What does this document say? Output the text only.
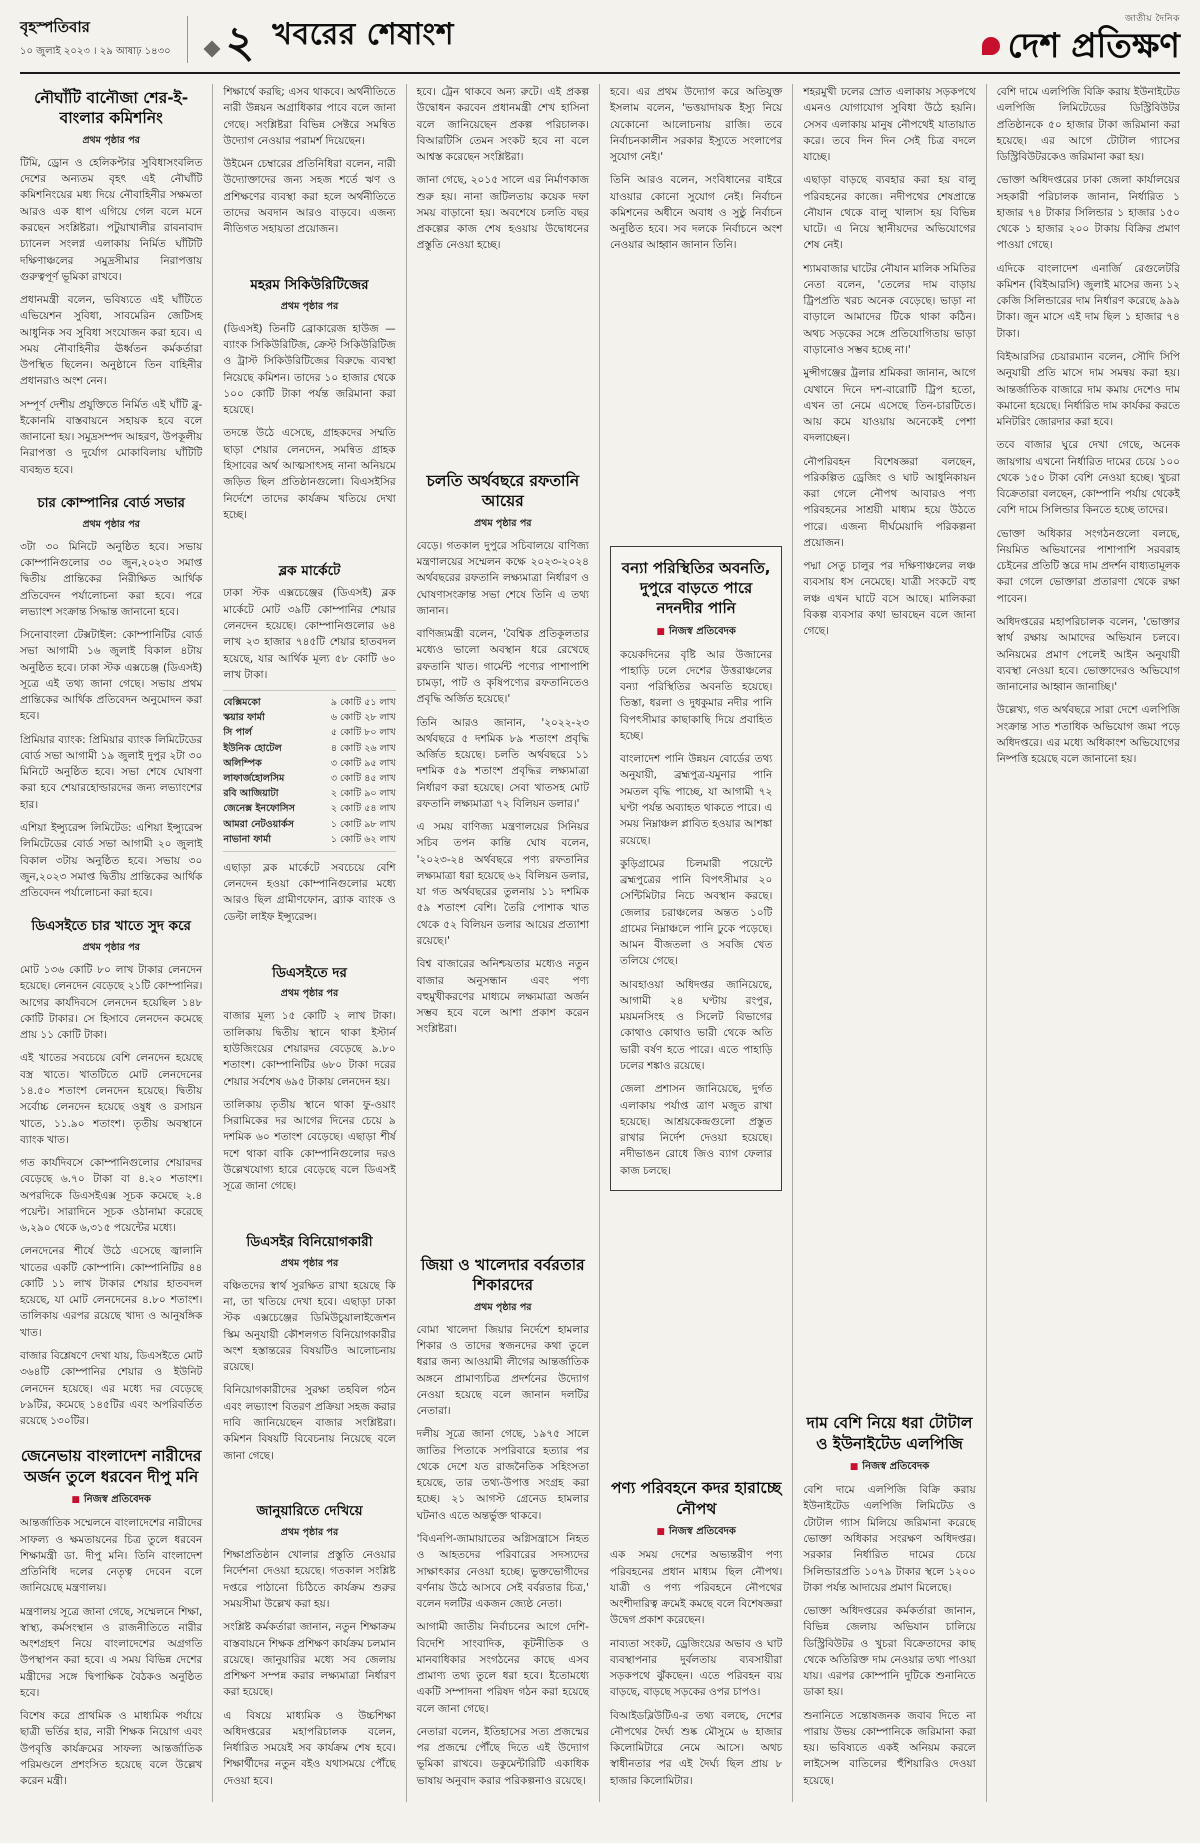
বৃহস্পতিবার
১০ জুলাই ২০২৩ । ২৯ আষাঢ় ১৪৩০ ২ খবরের শেষাংশ	জাতীয় দৈনিক
দেশ প্রতিক্ষণ
নৌঘাঁটি বানৌজা শের-ই-বাংলার কমিশনিং
প্রথম পৃষ্ঠার পর

টিমি, ড্রোন ও হেলিকপ্টার সুবিধাসংবলিত দেশের অন্যতম বৃহৎ এই নৌঘাঁটি কমিশনিংয়ের মধ্য দিয়ে নৌবাহিনীর সক্ষমতা আরও এক ধাপ এগিয়ে গেল বলে মনে করছেন সংশ্লিষ্টরা। পটুয়াখালীর রাবনাবাদ চ্যানেল সংলগ্ন এলাকায় নির্মিত ঘাঁটিটি দক্ষিণাঞ্চলের সমুদ্রসীমার নিরাপত্তায় গুরুত্বপূর্ণ ভূমিকা রাখবে।

প্রধানমন্ত্রী বলেন, ভবিষ্যতে এই ঘাঁটিতে এভিয়েশন সুবিধা, সাবমেরিন জেটিসহ আধুনিক সব সুবিধা সংযোজন করা হবে। এ সময় নৌবাহিনীর ঊর্ধ্বতন কর্মকর্তারা উপস্থিত ছিলেন। অনুষ্ঠানে তিন বাহিনীর প্রধানরাও অংশ নেন।

সম্পূর্ণ দেশীয় প্রযুক্তিতে নির্মিত এই ঘাঁটি ব্লু-ইকোনমি বাস্তবায়নে সহায়ক হবে বলে জানানো হয়। সমুদ্রসম্পদ আহরণ, উপকূলীয় নিরাপত্তা ও দুর্যোগ মোকাবিলায় ঘাঁটিটি ব্যবহৃত হবে।

চার কোম্পানির বোর্ড সভার
প্রথম পৃষ্ঠার পর

৩টা ৩০ মিনিটে অনুষ্ঠিত হবে। সভায় কোম্পানিগুলোর ৩০ জুন,২০২৩ সমাপ্ত দ্বিতীয় প্রান্তিকের নিরীক্ষিত আর্থিক প্রতিবেদন পর্যালোচনা করা হবে। পরে লভ্যাংশ সংক্রান্ত সিদ্ধান্ত জানানো হবে।

সিনোবাংলা টেক্সটাইল: কোম্পানিটির বোর্ড সভা আগামী ১৬ জুলাই বিকাল ৪টায় অনুষ্ঠিত হবে। ঢাকা স্টক এক্সচেঞ্জ (ডিএসই) সূত্রে এই তথ্য জানা গেছে। সভায় প্রথম প্রান্তিকের আর্থিক প্রতিবেদন অনুমোদন করা হবে।

প্রিমিয়ার ব্যাংক: প্রিমিয়ার ব্যাংক লিমিটেডের বোর্ড সভা আগামী ১৯ জুলাই দুপুর ২টা ৩০ মিনিটে অনুষ্ঠিত হবে। সভা শেষে ঘোষণা করা হবে শেয়ারহোল্ডারদের জন্য লভ্যাংশের হার।

এশিয়া ইন্স্যুরেন্স লিমিটেড: এশিয়া ইন্স্যুরেন্স লিমিটেডের বোর্ড সভা আগামী ২০ জুলাই বিকাল ৩টায় অনুষ্ঠিত হবে। সভায় ৩০ জুন,২০২৩ সমাপ্ত দ্বিতীয় প্রান্তিকের আর্থিক প্রতিবেদন পর্যালোচনা করা হবে।

ডিএসইতে চার খাতে সুদ করে
প্রথম পৃষ্ঠার পর

মোট ১৩৬ কোটি ৮০ লাখ টাকার লেনদেন হয়েছে। লেনদেন বেড়েছে ২১টি কোম্পানির। আগের কার্যদিবসে লেনদেন হয়েছিল ১৪৮ কোটি টাকার। সে হিসাবে লেনদেন কমেছে প্রায় ১১ কোটি টাকা।

এই খাতের সবচেয়ে বেশি লেনদেন হয়েছে বস্ত্র খাতে। খাতটিতে মোট লেনদেনের ১৪.৫০ শতাংশ লেনদেন হয়েছে। দ্বিতীয় সর্বোচ্চ লেনদেন হয়েছে ওষুধ ও রসায়ন খাতে, ১১.৯০ শতাংশ। তৃতীয় অবস্থানে ব্যাংক খাত।

গত কার্যদিবসে কোম্পানিগুলোর শেয়ারদর বেড়েছে ৬.৭০ টাকা বা ৪.২০ শতাংশ। অপরদিকে ডিএসইএক্স সূচক কমেছে ২.৪ পয়েন্ট। সারাদিনে সূচক ওঠানামা করেছে ৬,২৯০ থেকে ৬,৩১৫ পয়েন্টের মধ্যে।

লেনদেনের শীর্ষে উঠে এসেছে জ্বালানি খাতের একটি কোম্পানি। কোম্পানিটির ৪৪ কোটি ১১ লাখ টাকার শেয়ার হাতবদল হয়েছে, যা মোট লেনদেনের ৪.৮০ শতাংশ। তালিকায় এরপর রয়েছে খাদ্য ও আনুষঙ্গিক খাত।

বাজার বিশ্লেষণে দেখা যায়, ডিএসইতে মোট ৩৬৪টি কোম্পানির শেয়ার ও ইউনিট লেনদেন হয়েছে। এর মধ্যে দর বেড়েছে ৮৯টির, কমেছে ১৪৫টির এবং অপরিবর্তিত রয়েছে ১৩০টির।

জেনেভায় বাংলাদেশ নারীদের অর্জন তুলে ধরবেন দীপু মনি
■ নিজস্ব প্রতিবেদক

আন্তর্জাতিক সম্মেলনে বাংলাদেশের নারীদের সাফল্য ও ক্ষমতায়নের চিত্র তুলে ধরবেন শিক্ষামন্ত্রী ডা. দীপু মনি। তিনি বাংলাদেশ প্রতিনিধি দলের নেতৃত্ব দেবেন বলে জানিয়েছে মন্ত্রণালয়।

মন্ত্রণালয় সূত্রে জানা গেছে, সম্মেলনে শিক্ষা, স্বাস্থ্য, কর্মসংস্থান ও রাজনীতিতে নারীর অংশগ্রহণ নিয়ে বাংলাদেশের অগ্রগতি উপস্থাপন করা হবে। এ সময় বিভিন্ন দেশের মন্ত্রীদের সঙ্গে দ্বিপাক্ষিক বৈঠকও অনুষ্ঠিত হবে।

বিশেষ করে প্রাথমিক ও মাধ্যমিক পর্যায়ে ছাত্রী ভর্তির হার, নারী শিক্ষক নিয়োগ এবং উপবৃত্তি কার্যক্রমের সাফল্য আন্তর্জাতিক পরিমণ্ডলে প্রশংসিত হয়েছে বলে উল্লেখ করেন মন্ত্রী।

শিক্ষার্থে করছি; এসব থাকবে। অর্থনীতিতে নারী উন্নয়ন অগ্রাধিকার পাবে বলে জানা গেছে। সংশ্লিষ্টরা বিভিন্ন সেক্টরে সমন্বিত উদ্যোগ নেওয়ার পরামর্শ দিয়েছেন।

উইমেন চেম্বারের প্রতিনিধিরা বলেন, নারী উদ্যোক্তাদের জন্য সহজ শর্তে ঋণ ও প্রশিক্ষণের ব্যবস্থা করা হলে অর্থনীতিতে তাদের অবদান আরও বাড়বে। এজন্য নীতিগত সহায়তা প্রয়োজন।

মহরম সিকিউরিটিজের
প্রথম পৃষ্ঠার পর

(ডিএসই) তিনটি ব্রোকারেজ হাউজ — ব্যাংক সিকিউরিটিজ, ক্রেস্ট সিকিউরিটিজ ও ট্রাস্ট সিকিউরিটিজের বিরুদ্ধে ব্যবস্থা নিয়েছে কমিশন। তাদের ১০ হাজার থেকে ১০০ কোটি টাকা পর্যন্ত জরিমানা করা হয়েছে।

তদন্তে উঠে এসেছে, গ্রাহকদের সম্মতি ছাড়া শেয়ার লেনদেন, সমন্বিত গ্রাহক হিসাবের অর্থ আত্মসাৎসহ নানা অনিয়মে জড়িত ছিল প্রতিষ্ঠানগুলো। বিএসইসির নির্দেশে তাদের কার্যক্রম খতিয়ে দেখা হচ্ছে।

ব্লক মার্কেটে

ঢাকা স্টক এক্সচেঞ্জের (ডিএসই) ব্লক মার্কেটে মোট ৩৯টি কোম্পানির শেয়ার লেনদেন হয়েছে। কোম্পানিগুলোর ৬৪ লাখ ২৩ হাজার ৭৪৫টি শেয়ার হাতবদল হয়েছে, যার আর্থিক মূল্য ৫৮ কোটি ৬০ লাখ টাকা।

বেক্সিমকো	৯ কোটি ৫১ লাখ
স্কয়ার ফার্মা	৬ কোটি ২৮ লাখ
সি পার্ল	৫ কোটি ৮০ লাখ
ইউনিক হোটেল	৪ কোটি ২৬ লাখ
অলিম্পিক	৩ কোটি ৯৫ লাখ
লাফার্জহোলসিম	৩ কোটি ৪৫ লাখ
রবি আজিয়াটা	২ কোটি ৯০ লাখ
জেনেক্স ইনফোসিস	২ কোটি ৫৪ লাখ
আমরা নেটওয়ার্কস	১ কোটি ৯৮ লাখ
নাভানা ফার্মা	১ কোটি ৬২ লাখ

এছাড়া ব্লক মার্কেটে সবচেয়ে বেশি লেনদেন হওয়া কোম্পানিগুলোর মধ্যে আরও ছিল গ্রামীণফোন, ব্র্যাক ব্যাংক ও ডেল্টা লাইফ ইন্স্যুরেন্স।

ডিএসইতে দর
প্রথম পৃষ্ঠার পর

বাজার মূল্য ১৫ কোটি ২ লাখ টাকা। তালিকায় দ্বিতীয় স্থানে থাকা ইস্টার্ন হাউজিংয়ের শেয়ারদর বেড়েছে ৯.৮০ শতাংশ। কোম্পানিটির ৬৮০ টাকা দরের শেয়ার সর্বশেষ ৬৯৫ টাকায় লেনদেন হয়।

তালিকায় তৃতীয় স্থানে থাকা ফু-ওয়াং সিরামিকের দর আগের দিনের চেয়ে ৯ দশমিক ৬০ শতাংশ বেড়েছে। এছাড়া শীর্ষ দশে থাকা বাকি কোম্পানিগুলোর দরও উল্লেখযোগ্য হারে বেড়েছে বলে ডিএসই সূত্রে জানা গেছে।

ডিএসইর বিনিয়োগকারী
প্রথম পৃষ্ঠার পর

বঞ্চিতদের স্বার্থ সুরক্ষিত রাখা হয়েছে কি না, তা খতিয়ে দেখা হবে। এছাড়া ঢাকা স্টক এক্সচেঞ্জের ডিমিউচুয়ালাইজেশন স্কিম অনুযায়ী কৌশলগত বিনিয়োগকারীর অংশ হস্তান্তরের বিষয়টিও আলোচনায় রয়েছে।

বিনিয়োগকারীদের সুরক্ষা তহবিল গঠন এবং লভ্যাংশ বিতরণ প্রক্রিয়া সহজ করার দাবি জানিয়েছেন বাজার সংশ্লিষ্টরা। কমিশন বিষয়টি বিবেচনায় নিয়েছে বলে জানা গেছে।

জানুয়ারিতে দেখিয়ে
প্রথম পৃষ্ঠার পর

শিক্ষাপ্রতিষ্ঠান খোলার প্রস্তুতি নেওয়ার নির্দেশনা দেওয়া হয়েছে। গতকাল সংশ্লিষ্ট দপ্তরে পাঠানো চিঠিতে কার্যক্রম শুরুর সময়সীমা উল্লেখ করা হয়।

সংশ্লিষ্ট কর্মকর্তারা জানান, নতুন শিক্ষাক্রম বাস্তবায়নে শিক্ষক প্রশিক্ষণ কার্যক্রম চলমান রয়েছে। জানুয়ারির মধ্যে সব জেলায় প্রশিক্ষণ সম্পন্ন করার লক্ষ্যমাত্রা নির্ধারণ করা হয়েছে।

এ বিষয়ে মাধ্যমিক ও উচ্চশিক্ষা অধিদপ্তরের মহাপরিচালক বলেন, নির্ধারিত সময়েই সব কার্যক্রম শেষ হবে। শিক্ষার্থীদের নতুন বইও যথাসময়ে পৌঁছে দেওয়া হবে।

হবে। ট্রেন থাকবে অন্য রুটে। এই প্রকল্প উদ্বোধন করবেন প্রধানমন্ত্রী শেখ হাসিনা বলে জানিয়েছেন প্রকল্প পরিচালক। বিআরটিসি তেমন সংকট হবে না বলে আশ্বস্ত করেছেন সংশ্লিষ্টরা।

জানা গেছে, ২০১৫ সালে এর নির্মাণকাজ শুরু হয়। নানা জটিলতায় কয়েক দফা সময় বাড়ানো হয়। অবশেষে চলতি বছর প্রকল্পের কাজ শেষ হওয়ায় উদ্বোধনের প্রস্তুতি নেওয়া হচ্ছে।

চলতি অর্থবছরে রফতানি আয়ের
প্রথম পৃষ্ঠার পর

বেড়ে। গতকাল দুপুরে সচিবালয়ে বাণিজ্য মন্ত্রণালয়ের সম্মেলন কক্ষে ২০২৩-২০২৪ অর্থবছরের রফতানি লক্ষ্যমাত্রা নির্ধারণ ও ঘোষণাসংক্রান্ত সভা শেষে তিনি এ তথ্য জানান।

বাণিজ্যমন্ত্রী বলেন, 'বৈশ্বিক প্রতিকূলতার মধ্যেও ভালো অবস্থান ধরে রেখেছে রফতানি খাত। গার্মেন্ট পণ্যের পাশাপাশি চামড়া, পাট ও কৃষিপণ্যের রফতানিতেও প্রবৃদ্ধি অর্জিত হয়েছে।'

তিনি আরও জানান, '২০২২-২৩ অর্থবছরে ৫ দশমিক ৮৯ শতাংশ প্রবৃদ্ধি অর্জিত হয়েছে। চলতি অর্থবছরে ১১ দশমিক ৫৯ শতাংশ প্রবৃদ্ধির লক্ষ্যমাত্রা নির্ধারণ করা হয়েছে। সেবা খাতসহ মোট রফতানি লক্ষ্যমাত্রা ৭২ বিলিয়ন ডলার।'

এ সময় বাণিজ্য মন্ত্রণালয়ের সিনিয়র সচিব তপন কান্তি ঘোষ বলেন, '২০২৩-২৪ অর্থবছরে পণ্য রফতানির লক্ষ্যমাত্রা ধরা হয়েছে ৬২ বিলিয়ন ডলার, যা গত অর্থবছরের তুলনায় ১১ দশমিক ৫৯ শতাংশ বেশি। তৈরি পোশাক খাত থেকে ৫২ বিলিয়ন ডলার আয়ের প্রত্যাশা রয়েছে।'

বিশ্ব বাজারের অনিশ্চয়তার মধ্যেও নতুন বাজার অনুসন্ধান এবং পণ্য বহুমুখীকরণের মাধ্যমে লক্ষ্যমাত্রা অর্জন সম্ভব হবে বলে আশা প্রকাশ করেন সংশ্লিষ্টরা।

জিয়া ও খালেদার বর্বরতার শিকারদের
প্রথম পৃষ্ঠার পর

বোমা খালেদা জিয়ার নির্দেশে হামলার শিকার ও তাদের স্বজনদের কথা তুলে ধরার জন্য আওয়ামী লীগের আন্তর্জাতিক অঙ্গনে প্রামাণ্যচিত্র প্রদর্শনের উদ্যোগ নেওয়া হয়েছে বলে জানান দলটির নেতারা।

দলীয় সূত্রে জানা গেছে, ১৯৭৫ সালে জাতির পিতাকে সপরিবারে হত্যার পর থেকে দেশে যত রাজনৈতিক সহিংসতা হয়েছে, তার তথ্য-উপাত্ত সংগ্রহ করা হচ্ছে। ২১ আগস্ট গ্রেনেড হামলার ঘটনাও এতে অন্তর্ভুক্ত থাকবে।

'বিএনপি-জামায়াতের অগ্নিসন্ত্রাসে নিহত ও আহতদের পরিবারের সদস্যদের সাক্ষাৎকার নেওয়া হচ্ছে। ভুক্তভোগীদের বর্ণনায় উঠে আসবে সেই বর্বরতার চিত্র,' বলেন দলটির একজন জ্যেষ্ঠ নেতা।

আগামী জাতীয় নির্বাচনের আগে দেশি-বিদেশি সাংবাদিক, কূটনীতিক ও মানবাধিকার সংগঠনের কাছে এসব প্রামাণ্য তথ্য তুলে ধরা হবে। ইতোমধ্যে একটি সম্পাদনা পরিষদ গঠন করা হয়েছে বলে জানা গেছে।

নেতারা বলেন, ইতিহাসের সত্য প্রজন্মের পর প্রজন্মে পৌঁছে দিতে এই উদ্যোগ ভূমিকা রাখবে। ডকুমেন্টারিটি একাধিক ভাষায় অনুবাদ করার পরিকল্পনাও রয়েছে।

হবে। এর প্রথম উদ্যোগ করে অতিযুক্ত ইসলাম বলেন, 'ভত্তয়াদায়ক ইস্যু নিয়ে যেকোনো আলোচনায় রাজি। তবে নির্বাচনকালীন সরকার ইস্যুতে সংলাপের সুযোগ নেই।'

তিনি আরও বলেন, সংবিধানের বাইরে যাওয়ার কোনো সুযোগ নেই। নির্বাচন কমিশনের অধীনে অবাধ ও সুষ্ঠু নির্বাচন অনুষ্ঠিত হবে। সব দলকে নির্বাচনে অংশ নেওয়ার আহ্বান জানান তিনি।

বন্যা পরিস্থিতির অবনতি, দুপুরে বাড়তে পারে নদনদীর পানি
■ নিজস্ব প্রতিবেদক

কয়েকদিনের বৃষ্টি আর উজানের পাহাড়ি ঢলে দেশের উত্তরাঞ্চলের বন্যা পরিস্থিতির অবনতি হয়েছে। তিস্তা, ধরলা ও দুধকুমার নদীর পানি বিপৎসীমার কাছাকাছি দিয়ে প্রবাহিত হচ্ছে।

বাংলাদেশ পানি উন্নয়ন বোর্ডের তথ্য অনুযায়ী, ব্রহ্মপুত্র-যমুনার পানি সমতল বৃদ্ধি পাচ্ছে, যা আগামী ৭২ ঘণ্টা পর্যন্ত অব্যাহত থাকতে পারে। এ সময় নিম্নাঞ্চল প্লাবিত হওয়ার আশঙ্কা রয়েছে।

কুড়িগ্রামের চিলমারী পয়েন্টে ব্রহ্মপুত্রের পানি বিপৎসীমার ২০ সেন্টিমিটার নিচে অবস্থান করছে। জেলার চরাঞ্চলের অন্তত ১০টি গ্রামের নিম্নাঞ্চলে পানি ঢুকে পড়েছে। আমন বীজতলা ও সবজি খেত তলিয়ে গেছে।

আবহাওয়া অধিদপ্তর জানিয়েছে, আগামী ২৪ ঘণ্টায় রংপুর, ময়মনসিংহ ও সিলেট বিভাগের কোথাও কোথাও ভারী থেকে অতি ভারী বর্ষণ হতে পারে। এতে পাহাড়ি ঢলের শঙ্কাও রয়েছে।

জেলা প্রশাসন জানিয়েছে, দুর্গত এলাকায় পর্যাপ্ত ত্রাণ মজুত রাখা হয়েছে। আশ্রয়কেন্দ্রগুলো প্রস্তুত রাখার নির্দেশ দেওয়া হয়েছে। নদীভাঙন রোধে জিও ব্যাগ ফেলার কাজ চলছে।

পণ্য পরিবহনে কদর হারাচ্ছে নৌপথ
■ নিজস্ব প্রতিবেদক

এক সময় দেশের অভ্যন্তরীণ পণ্য পরিবহনের প্রধান মাধ্যম ছিল নৌপথ। যাত্রী ও পণ্য পরিবহনে নৌপথের অংশীদারিত্ব ক্রমেই কমছে বলে বিশেষজ্ঞরা উদ্বেগ প্রকাশ করেছেন।

নাব্যতা সংকট, ড্রেজিংয়ের অভাব ও ঘাট ব্যবস্থাপনার দুর্বলতায় ব্যবসায়ীরা সড়কপথে ঝুঁকছেন। এতে পরিবহন ব্যয় বাড়ছে, বাড়ছে সড়কের ওপর চাপও।

বিআইডব্লিউটিএ-র তথ্য বলছে, দেশের নৌপথের দৈর্ঘ্য শুষ্ক মৌসুমে ৬ হাজার কিলোমিটারে নেমে আসে। অথচ স্বাধীনতার পর এই দৈর্ঘ্য ছিল প্রায় ৮ হাজার কিলোমিটার।

শহরমুখী ঢলের স্রোত এলাকায় সড়কপথে এমনও যোগাযোগ সুবিধা উঠে হয়নি। সেসব এলাকায় মানুষ নৌপথেই যাতায়াত করে। তবে দিন দিন সেই চিত্র বদলে যাচ্ছে।

এছাড়া বাড়ছে ব্যবহার করা হয় বালু পরিবহনের কাজে। নদীপথের শেষপ্রান্তে নৌযান থেকে বালু খালাস হয় বিভিন্ন ঘাটে। এ নিয়ে স্থানীয়দের অভিযোগের শেষ নেই।

শ্যামবাজার ঘাটের নৌযান মালিক সমিতির নেতা বলেন, 'তেলের দাম বাড়ায় ট্রিপপ্রতি খরচ অনেক বেড়েছে। ভাড়া না বাড়ালে আমাদের টিকে থাকা কঠিন। অথচ সড়কের সঙ্গে প্রতিযোগিতায় ভাড়া বাড়ানোও সম্ভব হচ্ছে না।'

মুন্সীগঞ্জের ট্রলার শ্রমিকরা জানান, আগে যেখানে দিনে দশ-বারোটি ট্রিপ হতো, এখন তা নেমে এসেছে তিন-চারটিতে। আয় কমে যাওয়ায় অনেকেই পেশা বদলাচ্ছেন।

নৌপরিবহন বিশেষজ্ঞরা বলছেন, পরিকল্পিত ড্রেজিং ও ঘাট আধুনিকায়ন করা গেলে নৌপথ আবারও পণ্য পরিবহনের সাশ্রয়ী মাধ্যম হয়ে উঠতে পারে। এজন্য দীর্ঘমেয়াদি পরিকল্পনা প্রয়োজন।

পদ্মা সেতু চালুর পর দক্ষিণাঞ্চলের লঞ্চ ব্যবসায় ধস নেমেছে। যাত্রী সংকটে বহু লঞ্চ এখন ঘাটে বসে আছে। মালিকরা বিকল্প ব্যবসার কথা ভাবছেন বলে জানা গেছে।

দাম বেশি নিয়ে ধরা টোটাল ও ইউনাইটেড এলপিজি
■ নিজস্ব প্রতিবেদক

বেশি দামে এলপিজি বিক্রি করায় ইউনাইটেড এলপিজি লিমিটেড ও টোটাল গ্যাস মিলিয়ে জরিমানা করেছে ভোক্তা অধিকার সংরক্ষণ অধিদপ্তর। সরকার নির্ধারিত দামের চেয়ে সিলিন্ডারপ্রতি ১০৭৯ টাকার স্থলে ১২০০ টাকা পর্যন্ত আদায়ের প্রমাণ মিলেছে।

ভোক্তা অধিদপ্তরের কর্মকর্তারা জানান, বিভিন্ন জেলায় অভিযান চালিয়ে ডিস্ট্রিবিউটর ও খুচরা বিক্রেতাদের কাছ থেকে অতিরিক্ত দাম নেওয়ার তথ্য পাওয়া যায়। এরপর কোম্পানি দুটিকে শুনানিতে ডাকা হয়।

শুনানিতে সন্তোষজনক জবাব দিতে না পারায় উভয় কোম্পানিকে জরিমানা করা হয়। ভবিষ্যতে একই অনিয়ম করলে লাইসেন্স বাতিলের হুঁশিয়ারিও দেওয়া হয়েছে।

বেশি দামে এলপিজি বিক্রি করায় ইউনাইটেড এলপিজি লিমিটেডের ডিস্ট্রিবিউটর প্রতিষ্ঠানকে ৫০ হাজার টাকা জরিমানা করা হয়েছে। এর আগে টোটাল গ্যাসের ডিস্ট্রিবিউটরকেও জরিমানা করা হয়।

ভোক্তা অধিদপ্তরের ঢাকা জেলা কার্যালয়ের সহকারী পরিচালক জানান, নির্ধারিত ১ হাজার ৭৪ টাকার সিলিন্ডার ১ হাজার ১৫০ থেকে ১ হাজার ২০০ টাকায় বিক্রির প্রমাণ পাওয়া গেছে।

এদিকে বাংলাদেশ এনার্জি রেগুলেটরি কমিশন (বিইআরসি) জুলাই মাসের জন্য ১২ কেজি সিলিন্ডারের দাম নির্ধারণ করেছে ৯৯৯ টাকা। জুন মাসে এই দাম ছিল ১ হাজার ৭৪ টাকা।

বিইআরসির চেয়ারম্যান বলেন, সৌদি সিপি অনুযায়ী প্রতি মাসে দাম সমন্বয় করা হয়। আন্তর্জাতিক বাজারে দাম কমায় দেশেও দাম কমানো হয়েছে। নির্ধারিত দাম কার্যকর করতে মনিটরিং জোরদার করা হবে।

তবে বাজার ঘুরে দেখা গেছে, অনেক জায়গায় এখনো নির্ধারিত দামের চেয়ে ১০০ থেকে ১৫০ টাকা বেশি নেওয়া হচ্ছে। খুচরা বিক্রেতারা বলছেন, কোম্পানি পর্যায় থেকেই বেশি দামে সিলিন্ডার কিনতে হচ্ছে তাদের।

ভোক্তা অধিকার সংগঠনগুলো বলছে, নিয়মিত অভিযানের পাশাপাশি সরবরাহ চেইনের প্রতিটি স্তরে দাম প্রদর্শন বাধ্যতামূলক করা গেলে ভোক্তারা প্রতারণা থেকে রক্ষা পাবেন।

অধিদপ্তরের মহাপরিচালক বলেন, 'ভোক্তার স্বার্থ রক্ষায় আমাদের অভিযান চলবে। অনিয়মের প্রমাণ পেলেই আইন অনুযায়ী ব্যবস্থা নেওয়া হবে। ভোক্তাদেরও অভিযোগ জানানোর আহ্বান জানাচ্ছি।'

উল্লেখ্য, গত অর্থবছরে সারা দেশে এলপিজি সংক্রান্ত সাত শতাধিক অভিযোগ জমা পড়ে অধিদপ্তরে। এর মধ্যে অধিকাংশ অভিযোগের নিষ্পত্তি হয়েছে বলে জানানো হয়।
